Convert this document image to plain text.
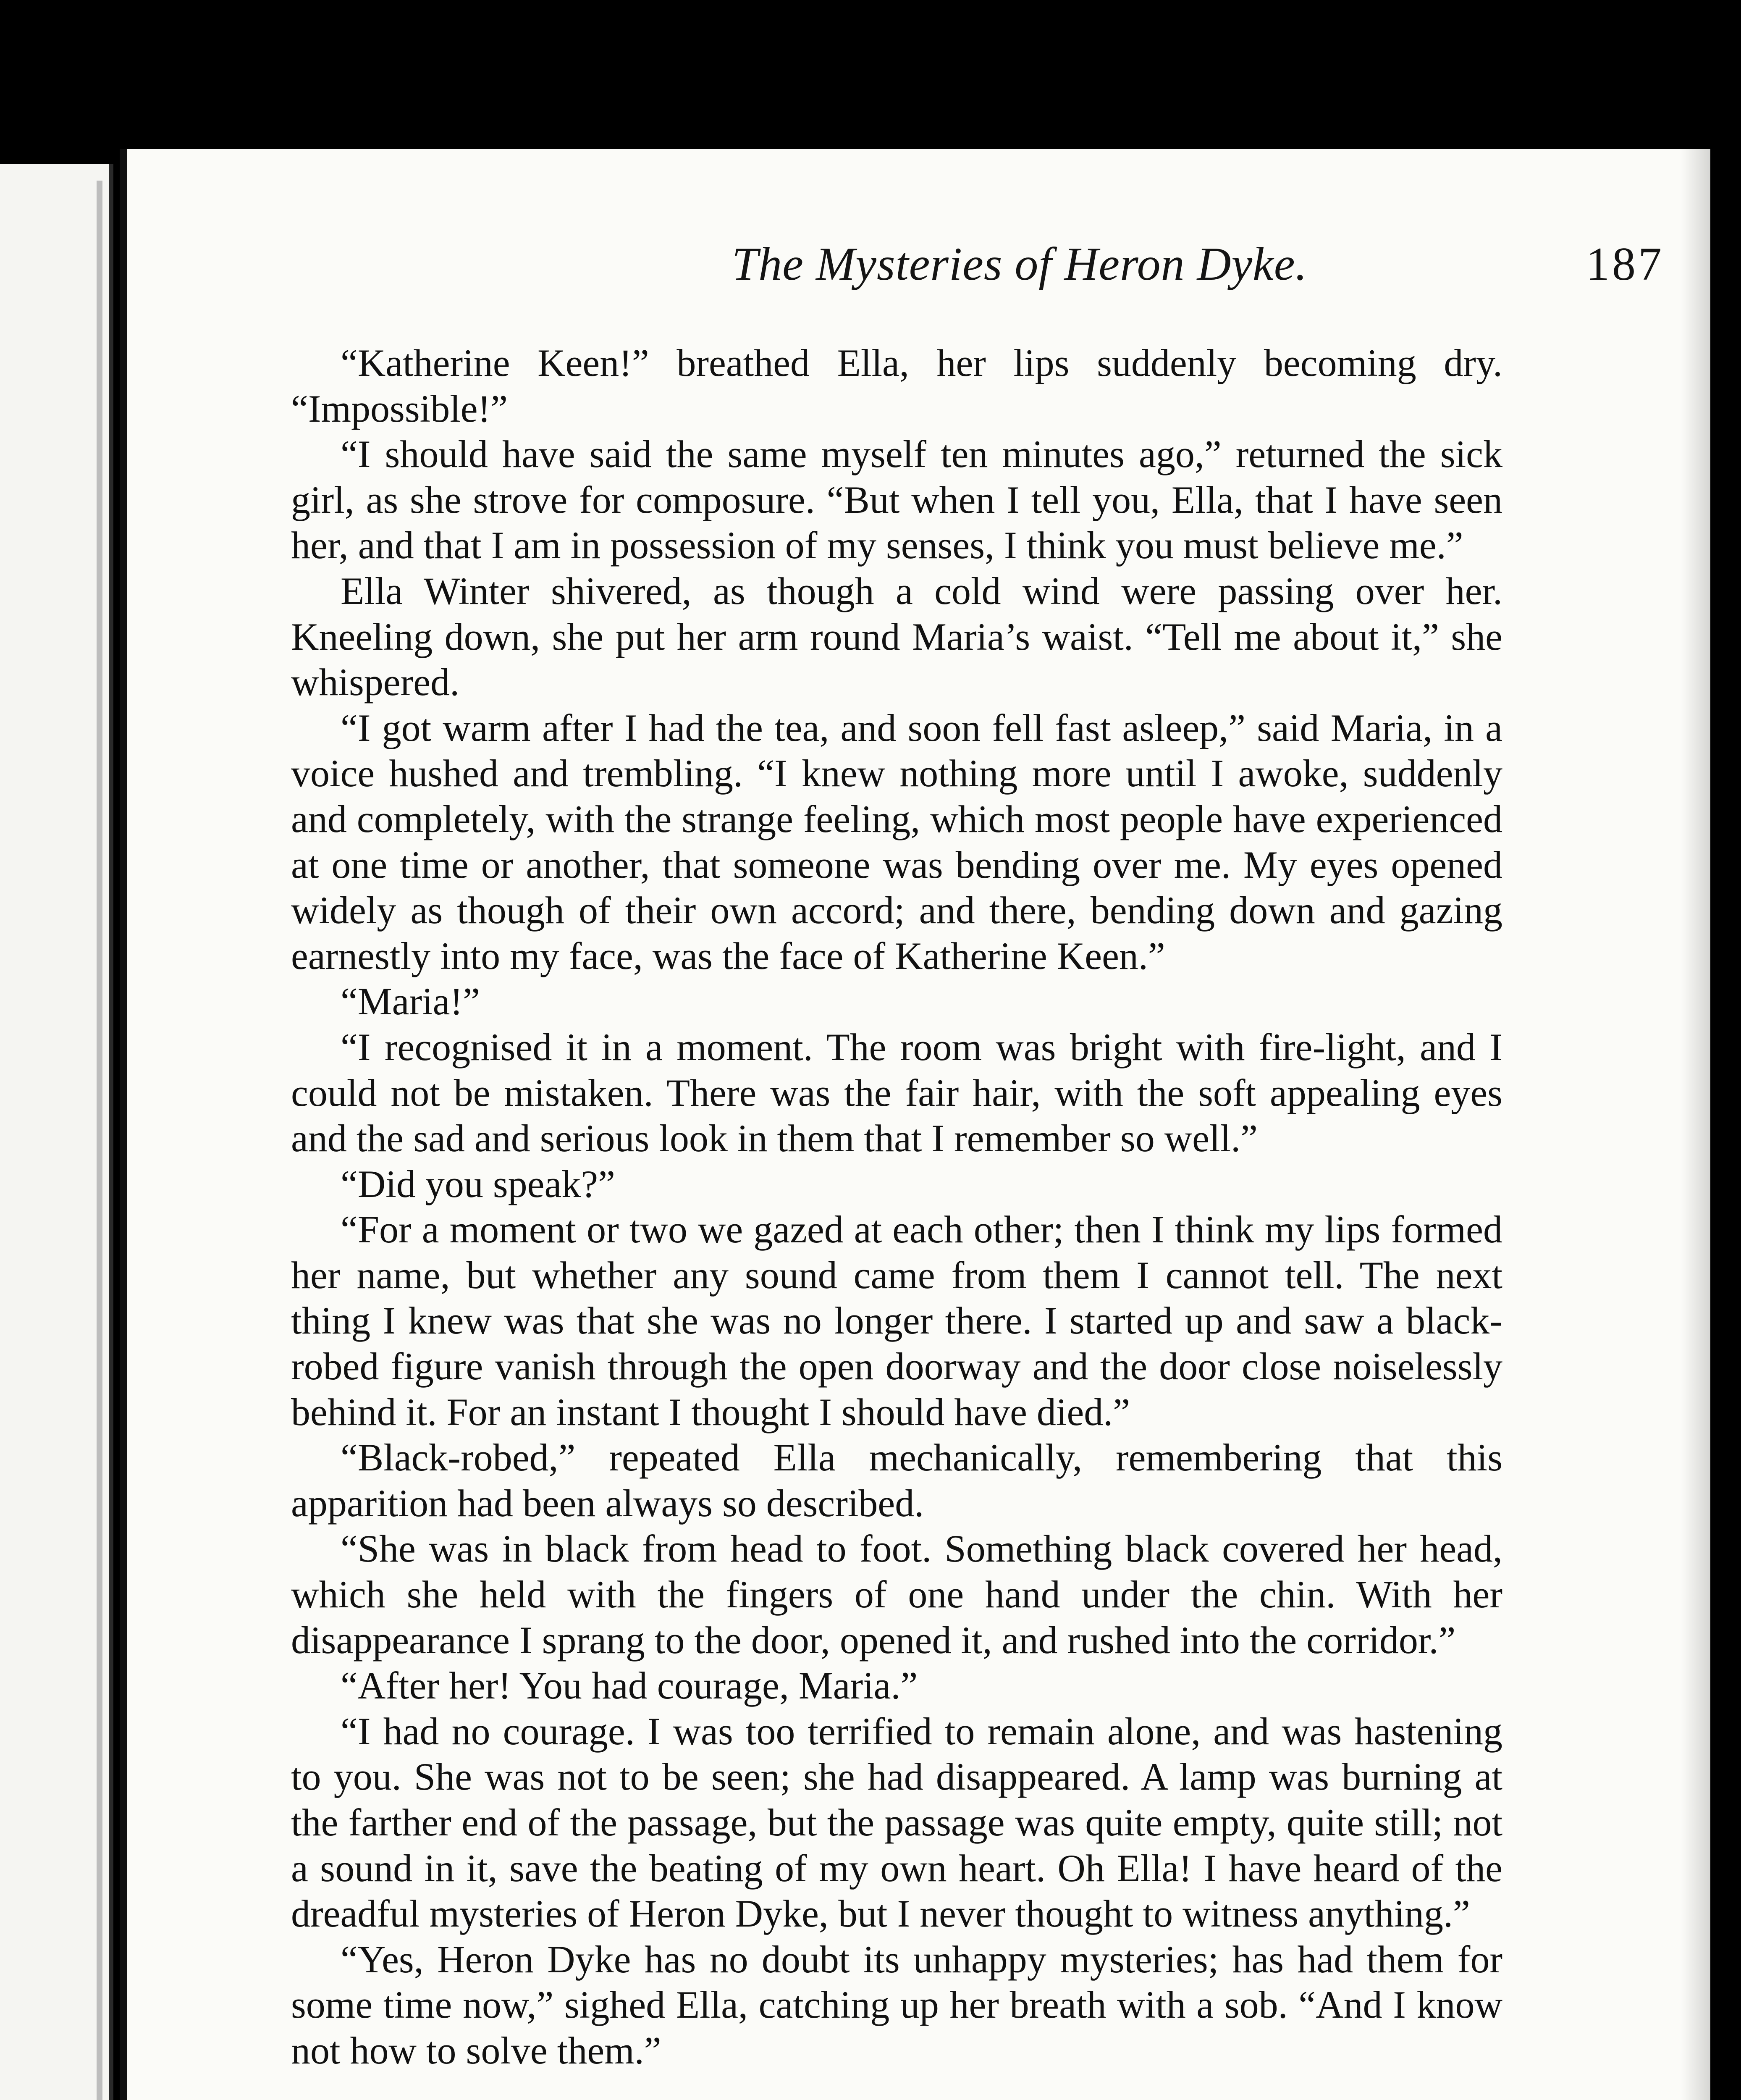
The Mysteries of Heron Dyke.	187

“Katherine Keen!” breathed Ella, her lips suddenly becoming dry. “Impossible!”

“I should have said the same myself ten minutes ago,” returned the sick girl, as she strove for composure. “But when I tell you, Ella, that I have seen her, and that I am in possession of my senses, I think you must believe me.”

Ella Winter shivered, as though a cold wind were passing over her. Kneeling down, she put her arm round Maria’s waist. “Tell me about it,” she whispered.

“I got warm after I had the tea, and soon fell fast asleep,” said Maria, in a voice hushed and trembling. “I knew nothing more until I awoke, suddenly and completely, with the strange feeling, which most people have experienced at one time or another, that someone was bending over me. My eyes opened widely as though of their own accord; and there, bending down and gazing earnestly into my face, was the face of Katherine Keen.”

“Maria!”

“I recognised it in a moment. The room was bright with fire-light, and I could not be mistaken. There was the fair hair, with the soft appealing eyes and the sad and serious look in them that I remember so well.”

“Did you speak?”

“For a moment or two we gazed at each other; then I think my lips formed her name, but whether any sound came from them I cannot tell. The next thing I knew was that she was no longer there. I started up and saw a black-robed figure vanish through the open doorway and the door close noiselessly behind it. For an instant I thought I should have died.”

“Black-robed,” repeated Ella mechanically, remembering that this apparition had been always so described.

“She was in black from head to foot. Something black covered her head, which she held with the fingers of one hand under the chin. With her disappearance I sprang to the door, opened it, and rushed into the corridor.”

“After her! You had courage, Maria.”

“I had no courage. I was too terrified to remain alone, and was hastening to you. She was not to be seen; she had disappeared. A lamp was burning at the farther end of the passage, but the passage was quite empty, quite still; not a sound in it, save the beating of my own heart. Oh Ella! I have heard of the dreadful mysteries of Heron Dyke, but I never thought to witness anything.”

“Yes, Heron Dyke has no doubt its unhappy mysteries; has had them for some time now,” sighed Ella, catching up her breath with a sob. “And I know not how to solve them.”
